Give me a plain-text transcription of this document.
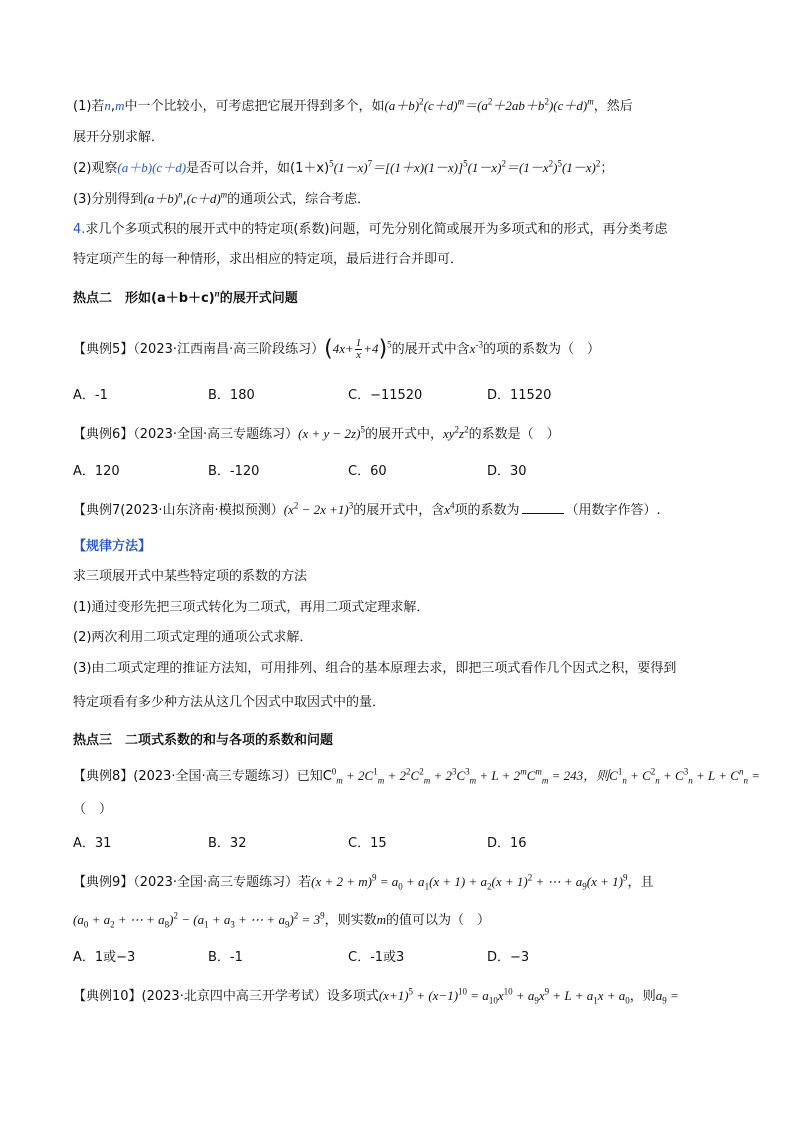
(1)若n,m中一个比较小，可考虑把它展开得到多个，如$(a+b)^2(c+d)^m=(a^2+2ab+b^2)(c+d)^m$，然后
展开分别求解．
(2)观察(a＋b)(c＋d)是否可以合并，如$(1+x)^5(1-x)^7=[(1+x)(1-x)]^5(1-x)^2=(1-x^2)^5(1-x)^2$；
(3)分别得到$(a+b)^n,(c+d)^m$的通项公式，综合考虑．
4.求几个多项式积的展开式中的特定项(系数)问题，可先分别化简或展开为多项式和的形式，再分类考虑
特定项产生的每一种情形，求出相应的特定项，最后进行合并即可．
热点二　形如$(a+b+c)^n$的展开式问题
【典例5】（2023·江西南昌·高三阶段练习）$(4x+ \frac{1}{x} +4)^5$的展开式中含$x^{-3}$的项的系数为（　）
A．-1	B．180	C．−11520	D．11520
【典例6】（2023·全国·高三专题练习）$(x + y - 2z)^5$的展开式中，$xy^2z^2$的系数是（　）
A．120	B．-120	C．60	D．30
【典例7(2023·山东济南·模拟预测）$(x^2 - 2x +1)^3$的展开式中，含$x^4$项的系数为	（用数字作答）.
【规律方法】
求三项展开式中某些特定项的系数的方法
(1)通过变形先把三项式转化为二项式，再用二项式定理求解．
(2)两次利用二项式定理的通项公式求解．
(3)由二项式定理的推证方法知，可用排列、组合的基本原理去求，即把三项式看作几个因式之积，要得到
特定项看有多少种方法从这几个因式中取因式中的量．
热点三　二项式系数的和与各项的系数和问题
【典例8】(2023·全国·高三专题练习）已知$C^0_m + 2C^1_m + 2^2C^2_m + 2^3C^3_m + L + 2^mC^m_m = 243$，则$C^1_n + C^2_n + C^3_n + L + C^n_n$ =
（　）
A．31	B．32	C．15	D．16
【典例9】（2023·全国·高三专题练习）若$(x + 2 + m)^9 = a_0 + a_1(x + 1) + a_2(x + 1)^2$ + ⋯ + $a_9(x + 1)^9$，且
($a_0 + a_2$ + ⋯ + $a_8)^2 - (a_1 + a_3$ + ⋯ + $a_9)^2 = 3^9$，则实数m的值可以为（　）
A．1或−3	B．-1	C．-1或3	D．−3
【典例10】(2023·北京四中高三开学考试）设多项式$(x+1)^5 + (x-1)^{10} = a_{10}x^{10} + a_9x^9 + L + a_1x + a_0$，则$a_9$ =
